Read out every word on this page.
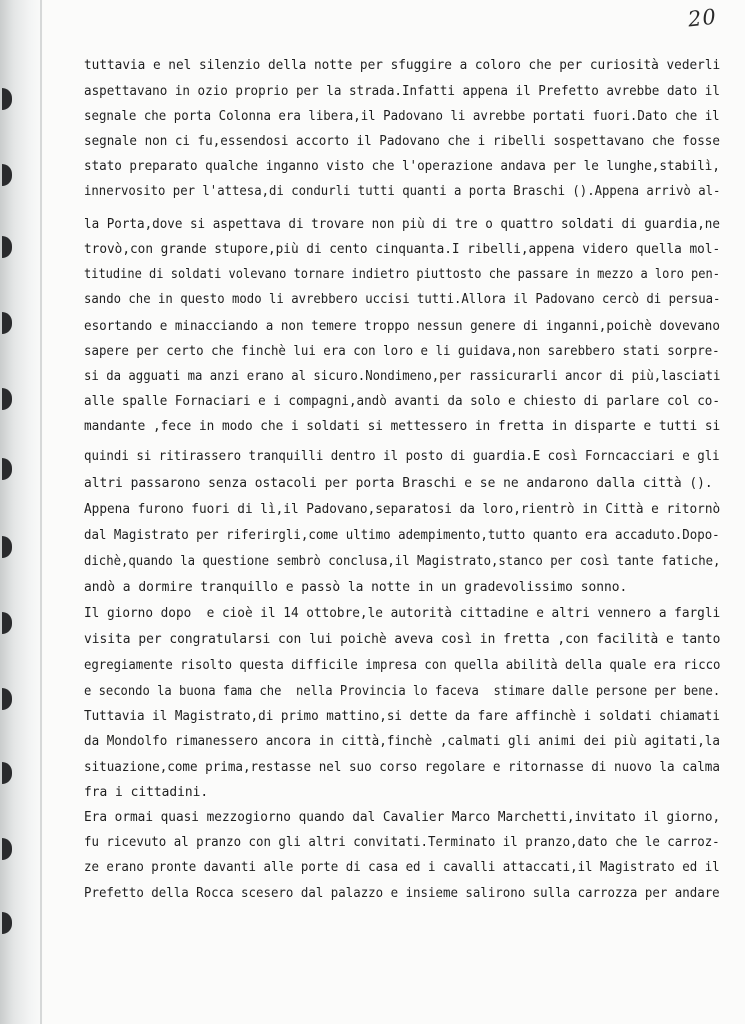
20
tuttavia e nel silenzio della notte per sfuggire a coloro che per curiosità vederli
aspettavano in ozio proprio per la strada.Infatti appena il Prefetto avrebbe dato il
segnale che porta Colonna era libera,il Padovano li avrebbe portati fuori.Dato che il
segnale non ci fu,essendosi accorto il Padovano che i ribelli sospettavano che fosse
stato preparato qualche inganno visto che l'operazione andava per le lunghe,stabilì,
innervosito per l'attesa,di condurli tutti quanti a porta Braschi ().Appena arrivò al-
la Porta,dove si aspettava di trovare non più di tre o quattro soldati di guardia,ne
trovò,con grande stupore,più di cento cinquanta.I ribelli,appena videro quella mol-
titudine di soldati volevano tornare indietro piuttosto che passare in mezzo a loro pen-
sando che in questo modo li avrebbero uccisi tutti.Allora il Padovano cercò di persua-
esortando e minacciando a non temere troppo nessun genere di inganni,poichè dovevano
sapere per certo che finchè lui era con loro e li guidava,non sarebbero stati sorpre-
si da agguati ma anzi erano al sicuro.Nondimeno,per rassicurarli ancor di più,lasciati
alle spalle Fornaciari e i compagni,andò avanti da solo e chiesto di parlare col co-
mandante ,fece in modo che i soldati si mettessero in fretta in disparte e tutti si
quindi si ritirassero tranquilli dentro il posto di guardia.E così Forncacciari e gli
altri passarono senza ostacoli per porta Braschi e se ne andarono dalla città ().
Appena furono fuori di lì,il Padovano,separatosi da loro,rientrò in Città e ritornò
dal Magistrato per riferirgli,come ultimo adempimento,tutto quanto era accaduto.Dopo-
dichè,quando la questione sembrò conclusa,il Magistrato,stanco per così tante fatiche,
andò a dormire tranquillo e passò la notte in un gradevolissimo sonno.
Il giorno dopo  e cioè il 14 ottobre,le autorità cittadine e altri vennero a fargli
visita per congratularsi con lui poichè aveva così in fretta ,con facilità e tanto
egregiamente risolto questa difficile impresa con quella abilità della quale era ricco
e secondo la buona fama che  nella Provincia lo faceva  stimare dalle persone per bene.
Tuttavia il Magistrato,di primo mattino,si dette da fare affinchè i soldati chiamati
da Mondolfo rimanessero ancora in città,finchè ,calmati gli animi dei più agitati,la
situazione,come prima,restasse nel suo corso regolare e ritornasse di nuovo la calma
fra i cittadini.
Era ormai quasi mezzogiorno quando dal Cavalier Marco Marchetti,invitato il giorno,
fu ricevuto al pranzo con gli altri convitati.Terminato il pranzo,dato che le carroz-
ze erano pronte davanti alle porte di casa ed i cavalli attaccati,il Magistrato ed il
Prefetto della Rocca scesero dal palazzo e insieme salirono sulla carrozza per andare
